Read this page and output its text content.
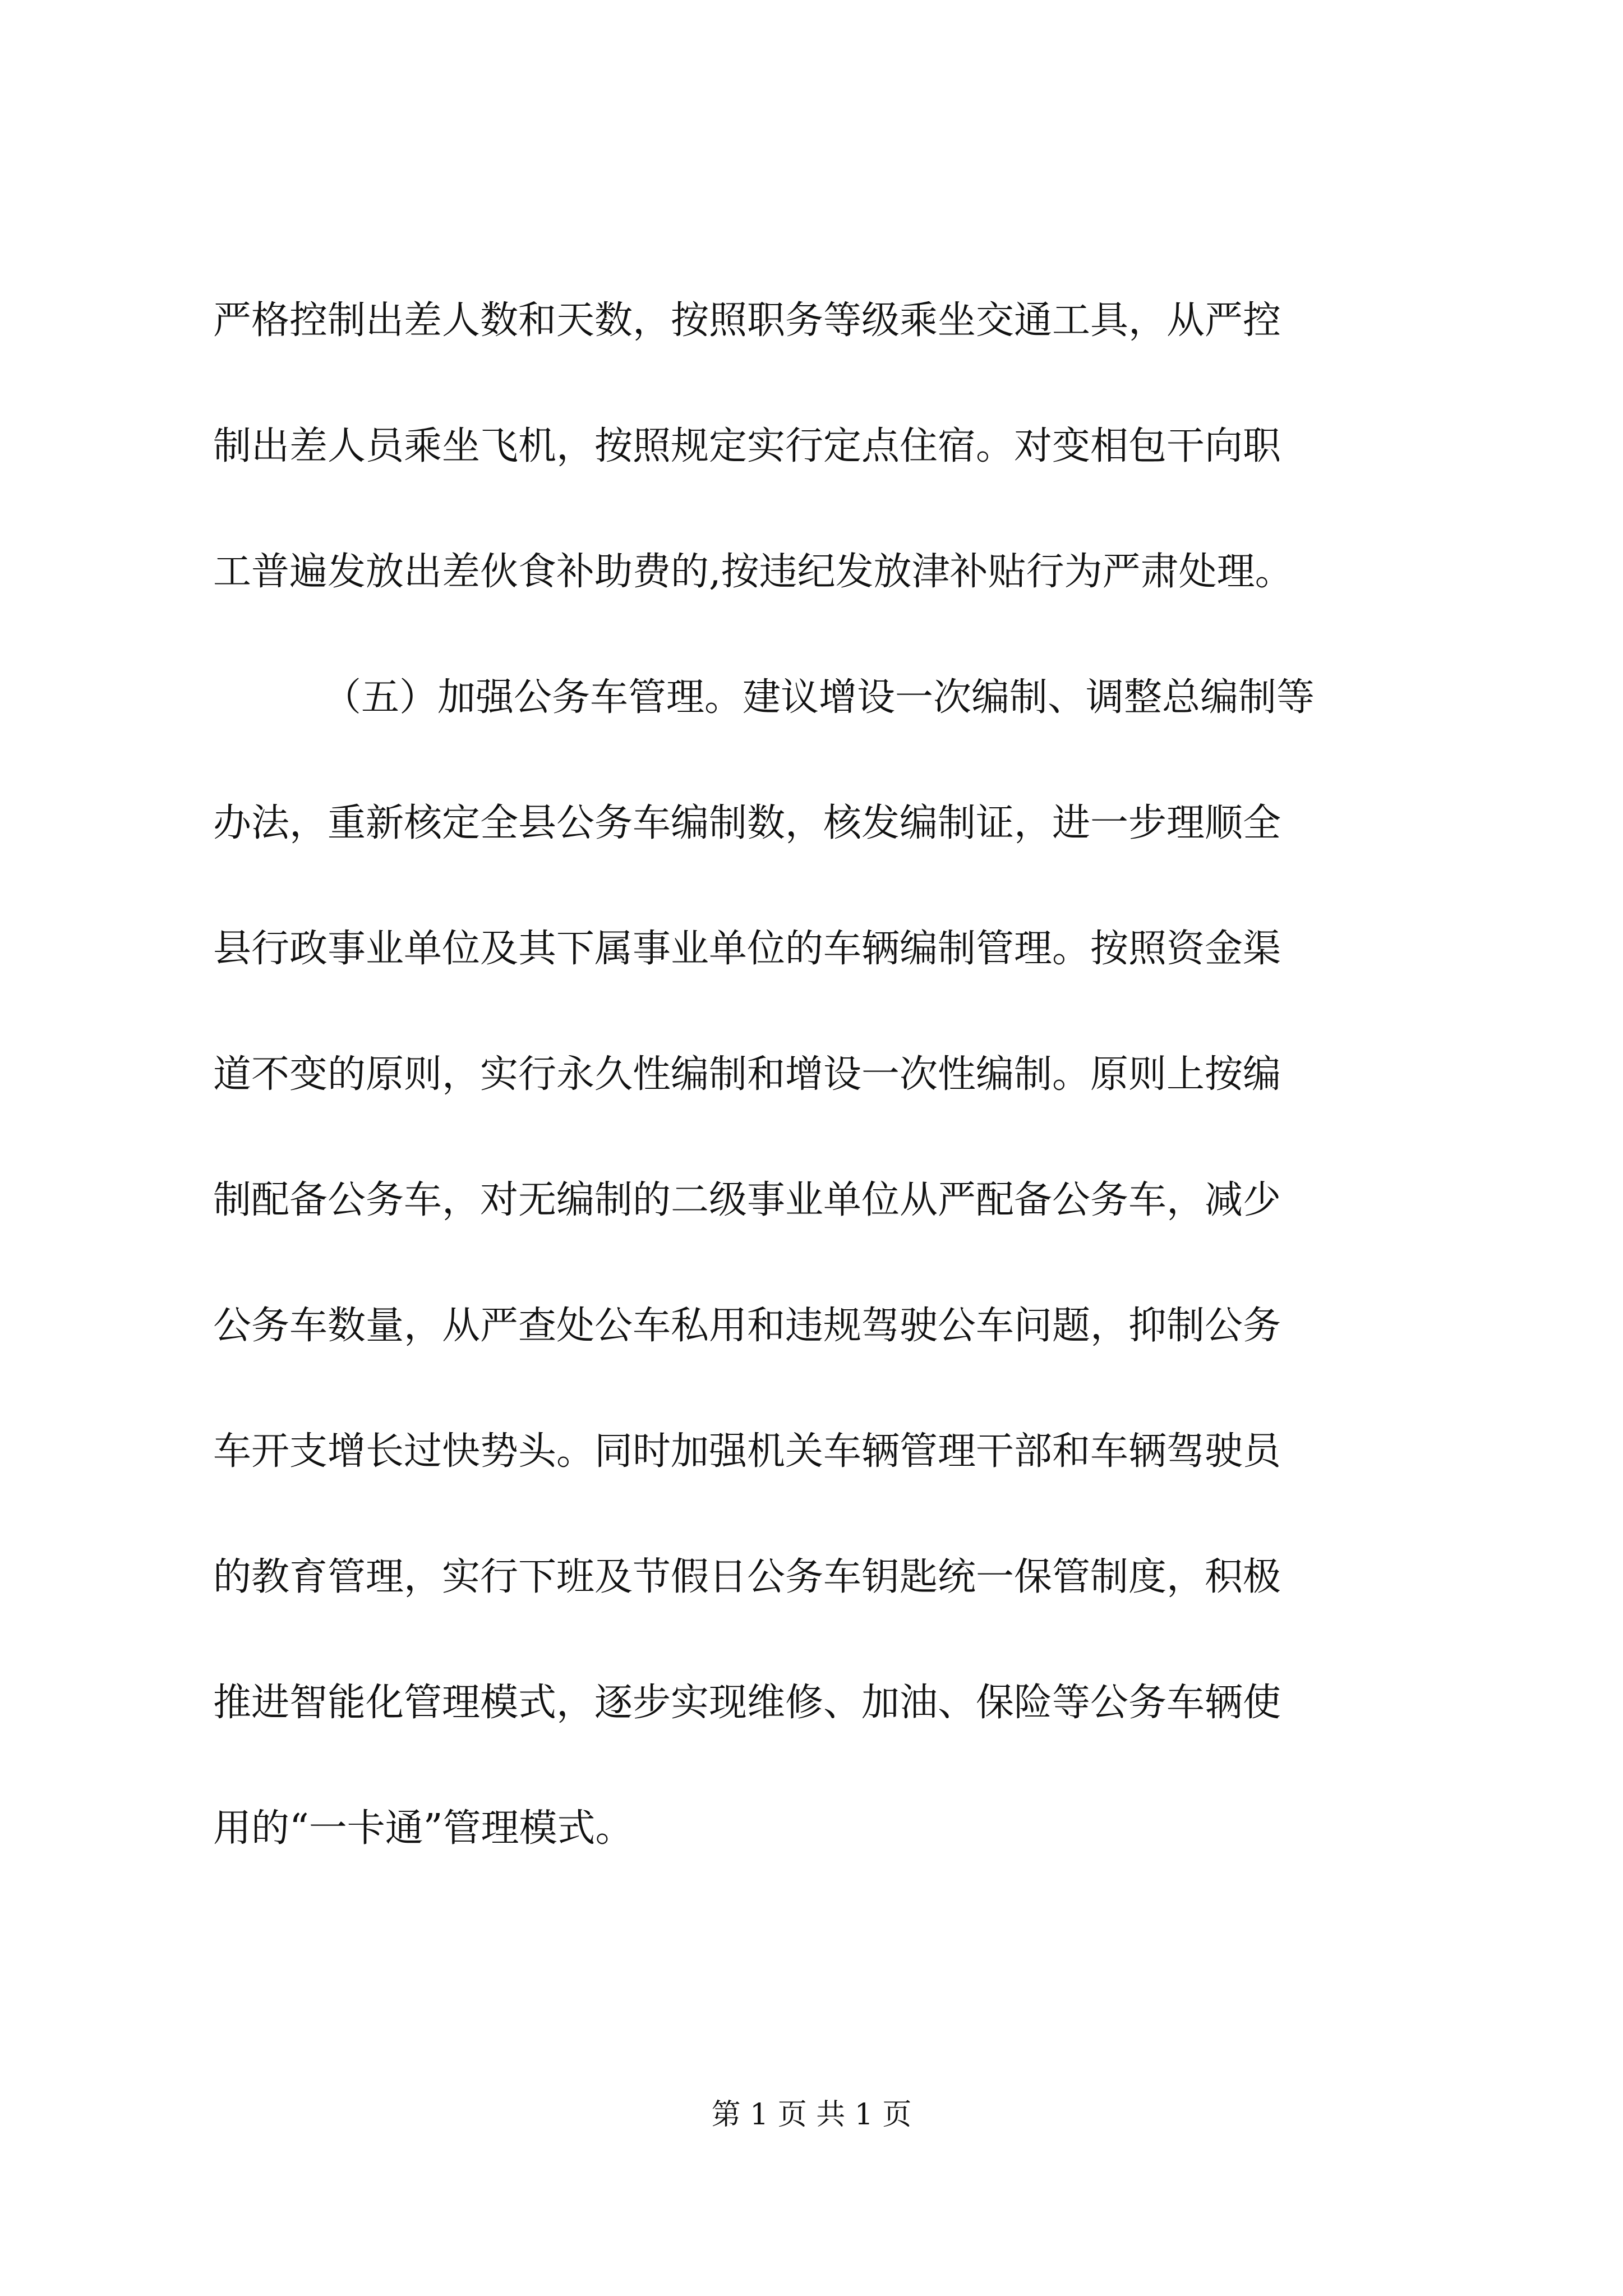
严格控制出差人数和天数，按照职务等级乘坐交通工具，从严控
制出差人员乘坐飞机，按照规定实行定点住宿。对变相包干向职
工普遍发放出差伙食补助费的,按违纪发放津补贴行为严肃处理。
（五）加强公务车管理。建议增设一次编制、调整总编制等
办法，重新核定全县公务车编制数，核发编制证，进一步理顺全
县行政事业单位及其下属事业单位的车辆编制管理。按照资金渠
道不变的原则，实行永久性编制和增设一次性编制。原则上按编
制配备公务车，对无编制的二级事业单位从严配备公务车，减少
公务车数量，从严查处公车私用和违规驾驶公车问题，抑制公务
车开支增长过快势头。同时加强机关车辆管理干部和车辆驾驶员
的教育管理，实行下班及节假日公务车钥匙统一保管制度，积极
推进智能化管理模式，逐步实现维修、加油、保险等公务车辆使
用的“一卡通”管理模式。
第 1 页 共 1 页
